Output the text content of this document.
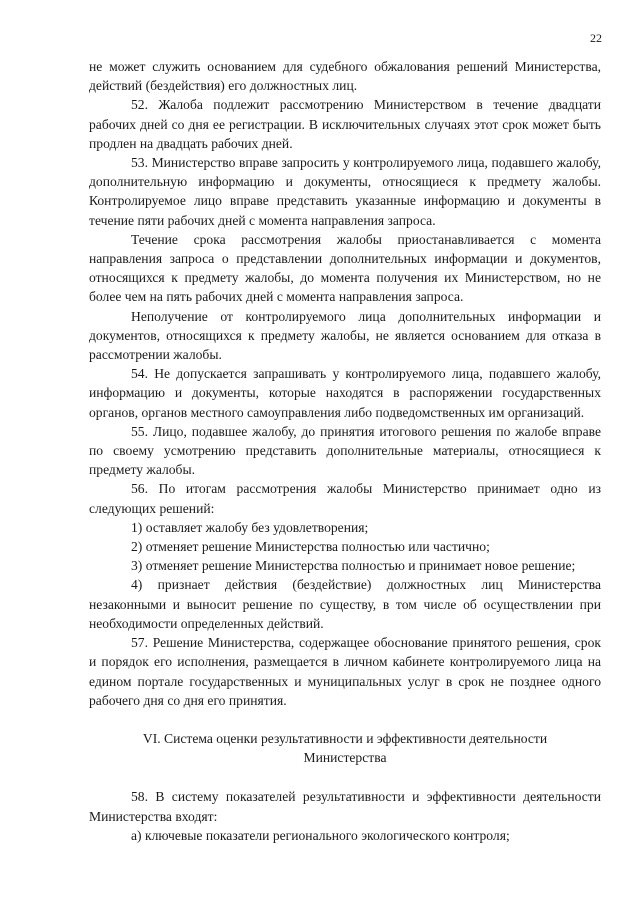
22

не может служить основанием для судебного обжалования решений Министерства, действий (бездействия) его должностных лиц.

52. Жалоба подлежит рассмотрению Министерством в течение двадцати рабочих дней со дня ее регистрации. В исключительных случаях этот срок может быть продлен на двадцать рабочих дней.

53. Министерство вправе запросить у контролируемого лица, подавшего жалобу, дополнительную информацию и документы, относящиеся к предмету жалобы. Контролируемое лицо вправе представить указанные информацию и документы в течение пяти рабочих дней с момента направления запроса.

Течение срока рассмотрения жалобы приостанавливается с момента направления запроса о представлении дополнительных информации и документов, относящихся к предмету жалобы, до момента получения их Министерством, но не более чем на пять рабочих дней с момента направления запроса.

Неполучение от контролируемого лица дополнительных информации и документов, относящихся к предмету жалобы, не является основанием для отказа в рассмотрении жалобы.

54. Не допускается запрашивать у контролируемого лица, подавшего жалобу, информацию и документы, которые находятся в распоряжении государственных органов, органов местного самоуправления либо подведомственных им организаций.

55. Лицо, подавшее жалобу, до принятия итогового решения по жалобе вправе по своему усмотрению представить дополнительные материалы, относящиеся к предмету жалобы.

56. По итогам рассмотрения жалобы Министерство принимает одно из следующих решений:

1) оставляет жалобу без удовлетворения;

2) отменяет решение Министерства полностью или частично;

3) отменяет решение Министерства полностью и принимает новое решение;

4) признает действия (бездействие) должностных лиц Министерства незаконными и выносит решение по существу, в том числе об осуществлении при необходимости определенных действий.

57. Решение Министерства, содержащее обоснование принятого решения, срок и порядок его исполнения, размещается в личном кабинете контролируемого лица на едином портале государственных и муниципальных услуг в срок не позднее одного рабочего дня со дня его принятия.

VI. Система оценки результативности и эффективности деятельности
Министерства

58. В систему показателей результативности и эффективности деятельности Министерства входят:

а) ключевые показатели регионального экологического контроля;
